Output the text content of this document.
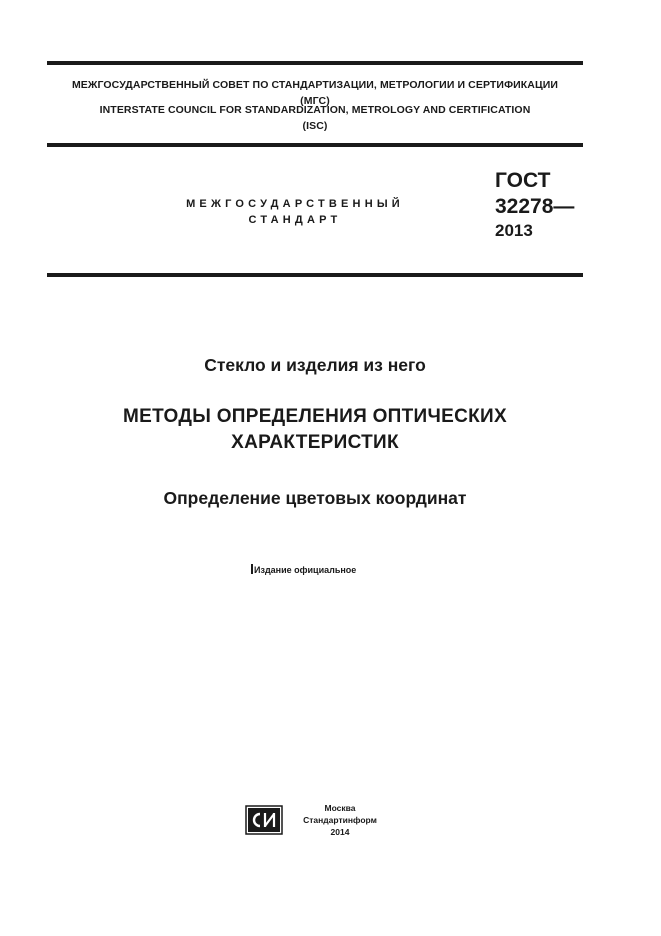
МЕЖГОСУДАРСТВЕННЫЙ СОВЕТ ПО СТАНДАРТИЗАЦИИ, МЕТРОЛОГИИ И СЕРТИФИКАЦИИ
(МГС)
INTERSTATE COUNCIL FOR STANDARDIZATION, METROLOGY AND CERTIFICATION
(ISC)
МЕЖГОСУДАРСТВЕННЫЙ
СТАНДАРТ
ГОСТ
32278—
2013
Стекло и изделия из него
МЕТОДЫ ОПРЕДЕЛЕНИЯ ОПТИЧЕСКИХ
ХАРАКТЕРИСТИК
Определение цветовых координат
Издание официальное
Москва
Стандартинформ
2014
